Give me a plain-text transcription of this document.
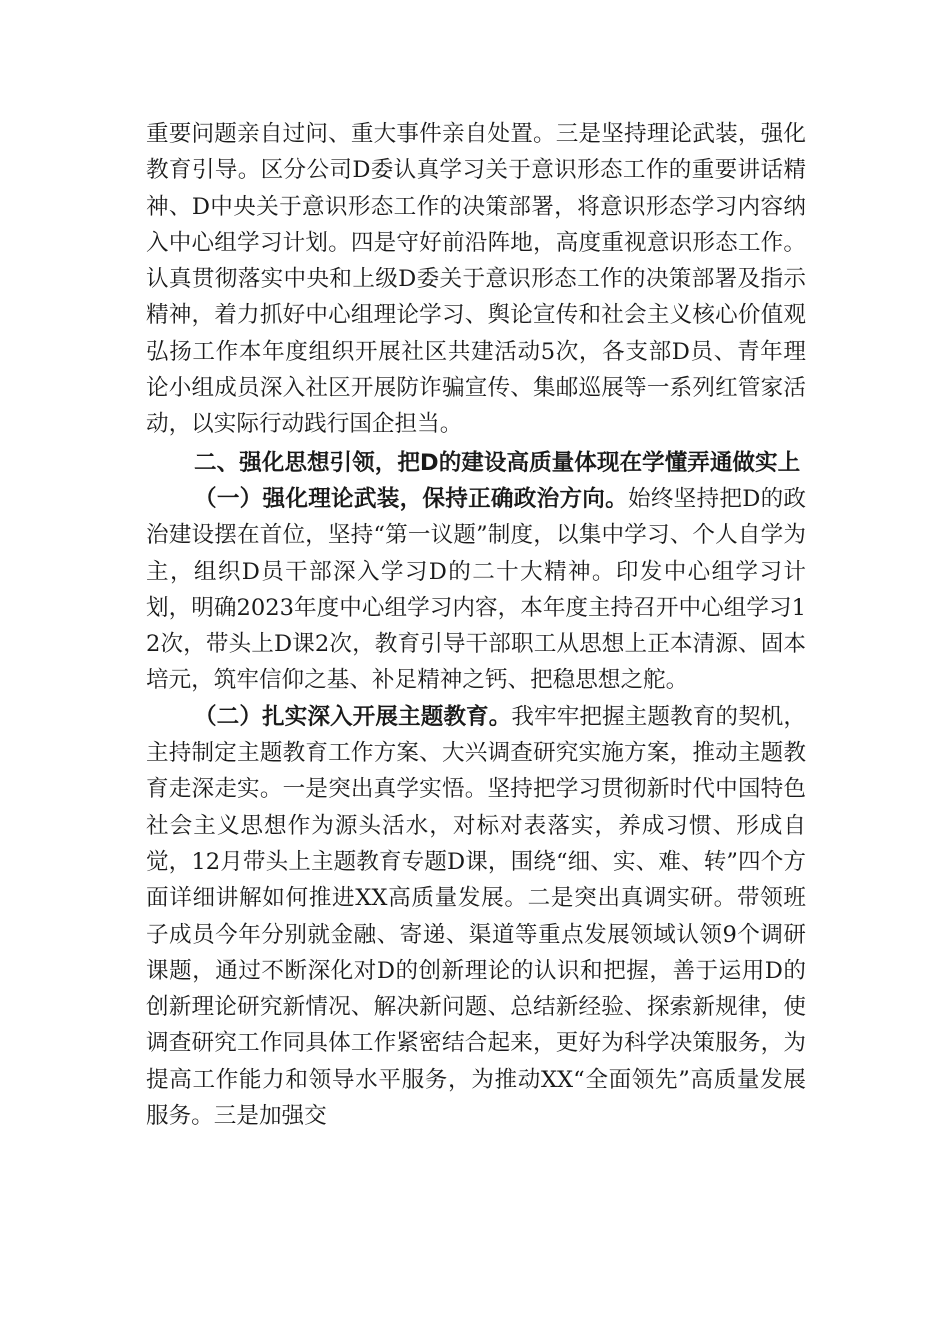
重要问题亲自过问、重大事件亲自处置。三是坚持理论武装，强化教育引导。区分公司D委认真学习关于意识形态工作的重要讲话精神、D中央关于意识形态工作的决策部署，将意识形态学习内容纳入中心组学习计划。四是守好前沿阵地，高度重视意识形态工作。认真贯彻落实中央和上级D委关于意识形态工作的决策部署及指示精神，着力抓好中心组理论学习、舆论宣传和社会主义核心价值观弘扬工作本年度组织开展社区共建活动5次，各支部D员、青年理论小组成员深入社区开展防诈骗宣传、集邮巡展等一系列红管家活动，以实际行动践行国企担当。

二、强化思想引领，把D的建设高质量体现在学懂弄通做实上

（一）强化理论武装，保持正确政治方向。始终坚持把D的政治建设摆在首位，坚持“第一议题”制度，以集中学习、个人自学为主，组织D员干部深入学习D的二十大精神。印发中心组学习计划，明确2023年度中心组学习内容，本年度主持召开中心组学习12次，带头上D课2次，教育引导干部职工从思想上正本清源、固本培元，筑牢信仰之基、补足精神之钙、把稳思想之舵。

（二）扎实深入开展主题教育。我牢牢把握主题教育的契机，主持制定主题教育工作方案、大兴调查研究实施方案，推动主题教育走深走实。一是突出真学实悟。坚持把学习贯彻新时代中国特色社会主义思想作为源头活水，对标对表落实，养成习惯、形成自觉，12月带头上主题教育专题D课，围绕“细、实、难、转”四个方面详细讲解如何推进XX高质量发展。二是突出真调实研。带领班子成员今年分别就金融、寄递、渠道等重点发展领域认领9个调研课题，通过不断深化对D的创新理论的认识和把握，善于运用D的创新理论研究新情况、解决新问题、总结新经验、探索新规律，使调查研究工作同具体工作紧密结合起来，更好为科学决策服务，为提高工作能力和领导水平服务，为推动XX“全面领先”高质量发展服务。三是加强交
